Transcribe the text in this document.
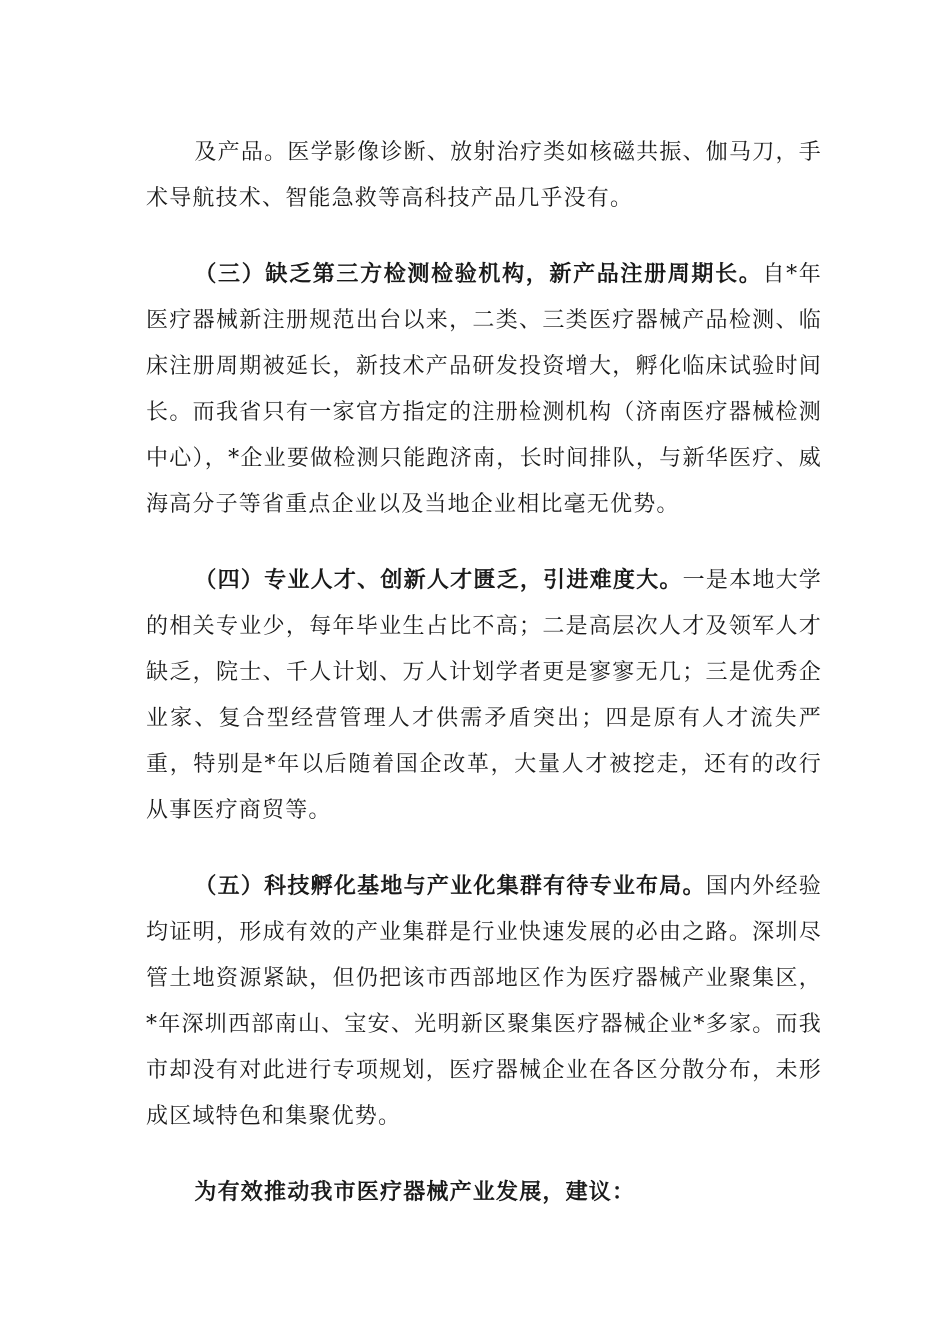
及产品。医学影像诊断、放射治疗类如核磁共振、伽马刀，手术导航技术、智能急救等高科技产品几乎没有。

（三）缺乏第三方检测检验机构，新产品注册周期长。自*年医疗器械新注册规范出台以来，二类、三类医疗器械产品检测、临床注册周期被延长，新技术产品研发投资增大，孵化临床试验时间长。而我省只有一家官方指定的注册检测机构（济南医疗器械检测中心），*企业要做检测只能跑济南，长时间排队，与新华医疗、威海高分子等省重点企业以及当地企业相比毫无优势。

（四）专业人才、创新人才匮乏，引进难度大。一是本地大学的相关专业少，每年毕业生占比不高；二是高层次人才及领军人才缺乏，院士、千人计划、万人计划学者更是寥寥无几；三是优秀企业家、复合型经营管理人才供需矛盾突出；四是原有人才流失严重，特别是*年以后随着国企改革，大量人才被挖走，还有的改行从事医疗商贸等。

（五）科技孵化基地与产业化集群有待专业布局。国内外经验均证明，形成有效的产业集群是行业快速发展的必由之路。深圳尽管土地资源紧缺，但仍把该市西部地区作为医疗器械产业聚集区，*年深圳西部南山、宝安、光明新区聚集医疗器械企业*多家。而我市却没有对此进行专项规划，医疗器械企业在各区分散分布，未形成区域特色和集聚优势。

为有效推动我市医疗器械产业发展，建议：
